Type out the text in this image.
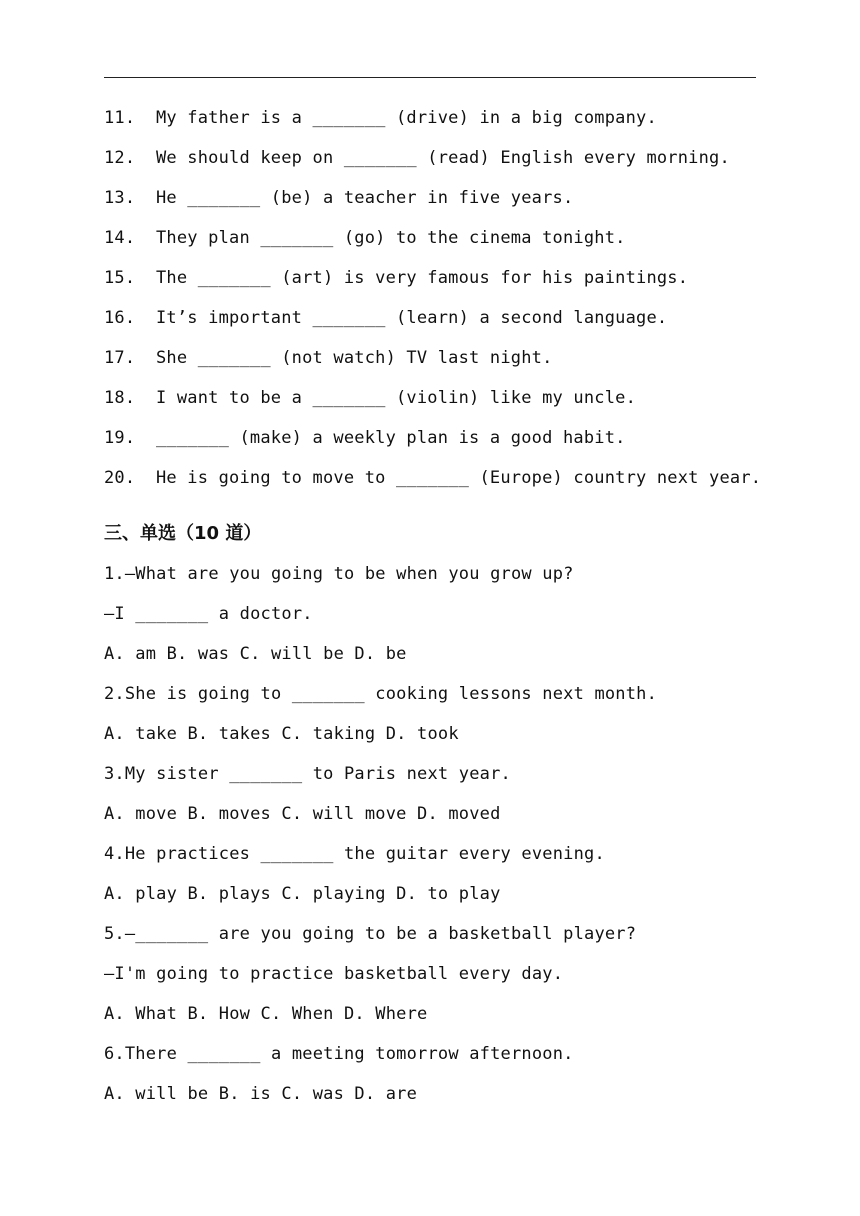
11. My father is a _______ (drive) in a big company.
12. We should keep on _______ (read) English every morning.
13. He _______ (be) a teacher in five years.
14. They plan _______ (go) to the cinema tonight.
15. The _______ (art) is very famous for his paintings.
16. It’s important _______ (learn) a second language.
17. She _______ (not watch) TV last night.
18. I want to be a _______ (violin) like my uncle.
19. _______ (make) a weekly plan is a good habit.
20. He is going to move to _______ (Europe) country next year.
三、单选（10 道）
1.—What are you going to be when you grow up?
—I _______ a doctor.
A. am B. was C. will be D. be
2.She is going to _______ cooking lessons next month.
A. take B. takes C. taking D. took
3.My sister _______ to Paris next year.
A. move B. moves C. will move D. moved
4.He practices _______ the guitar every evening.
A. play B. plays C. playing D. to play
5.—_______ are you going to be a basketball player?
—I'm going to practice basketball every day.
A. What B. How C. When D. Where
6.There _______ a meeting tomorrow afternoon.
A. will be B. is C. was D. are
